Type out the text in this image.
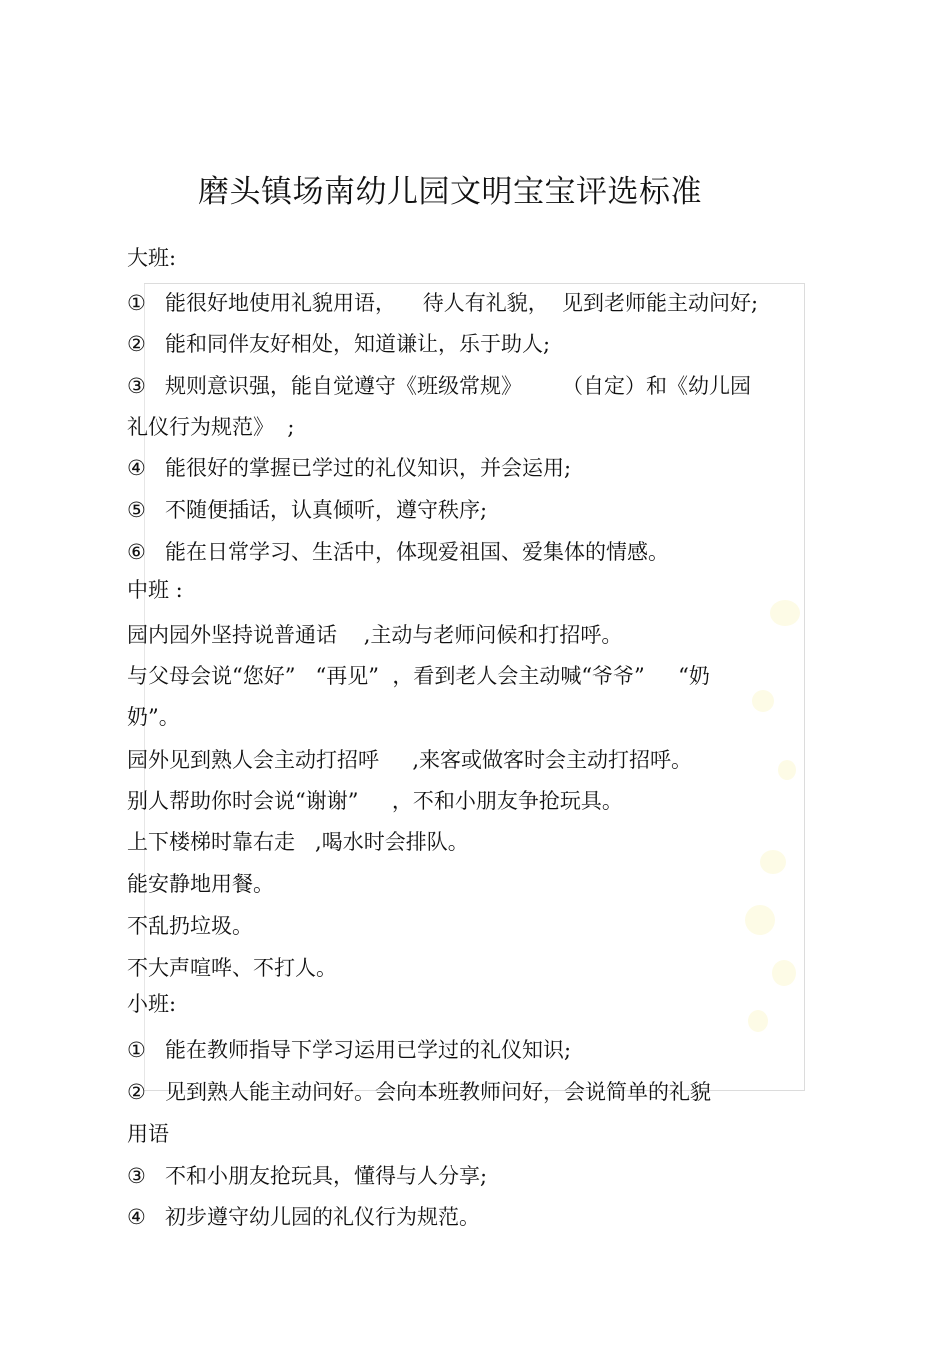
磨头镇场南幼儿园文明宝宝评选标准
大班:
① 能很好地使用礼貌用语，    待人有礼貌，  见到老师能主动问好;
② 能和同伴友好相处，知道谦让，乐于助人;
③ 规则意识强，能自觉遵守《班级常规》      （自定）和《幼儿园
礼仪行为规范》  ;
④ 能很好的掌握已学过的礼仪知识，并会运用;
⑤ 不随便插话，认真倾听，遵守秩序;
⑥ 能在日常学习、生活中，体现爱祖国、爱集体的情感。
中班 :
园内园外坚持说普通话    ,主动与老师问候和打招呼。
与父母会说“您好”   “再见”  ，看到老人会主动喊“爷爷”     “奶
奶”。
园外见到熟人会主动打招呼     ,来客或做客时会主动打招呼。
别人帮助你时会说“谢谢”     ，不和小朋友争抢玩具。
上下楼梯时靠右走   ,喝水时会排队。
能安静地用餐。
不乱扔垃圾。
不大声喧哗、不打人。
小班:
① 能在教师指导下学习运用已学过的礼仪知识;
② 见到熟人能主动问好。会向本班教师问好，会说简单的礼貌
用语
③ 不和小朋友抢玩具，懂得与人分享;
④ 初步遵守幼儿园的礼仪行为规范。
